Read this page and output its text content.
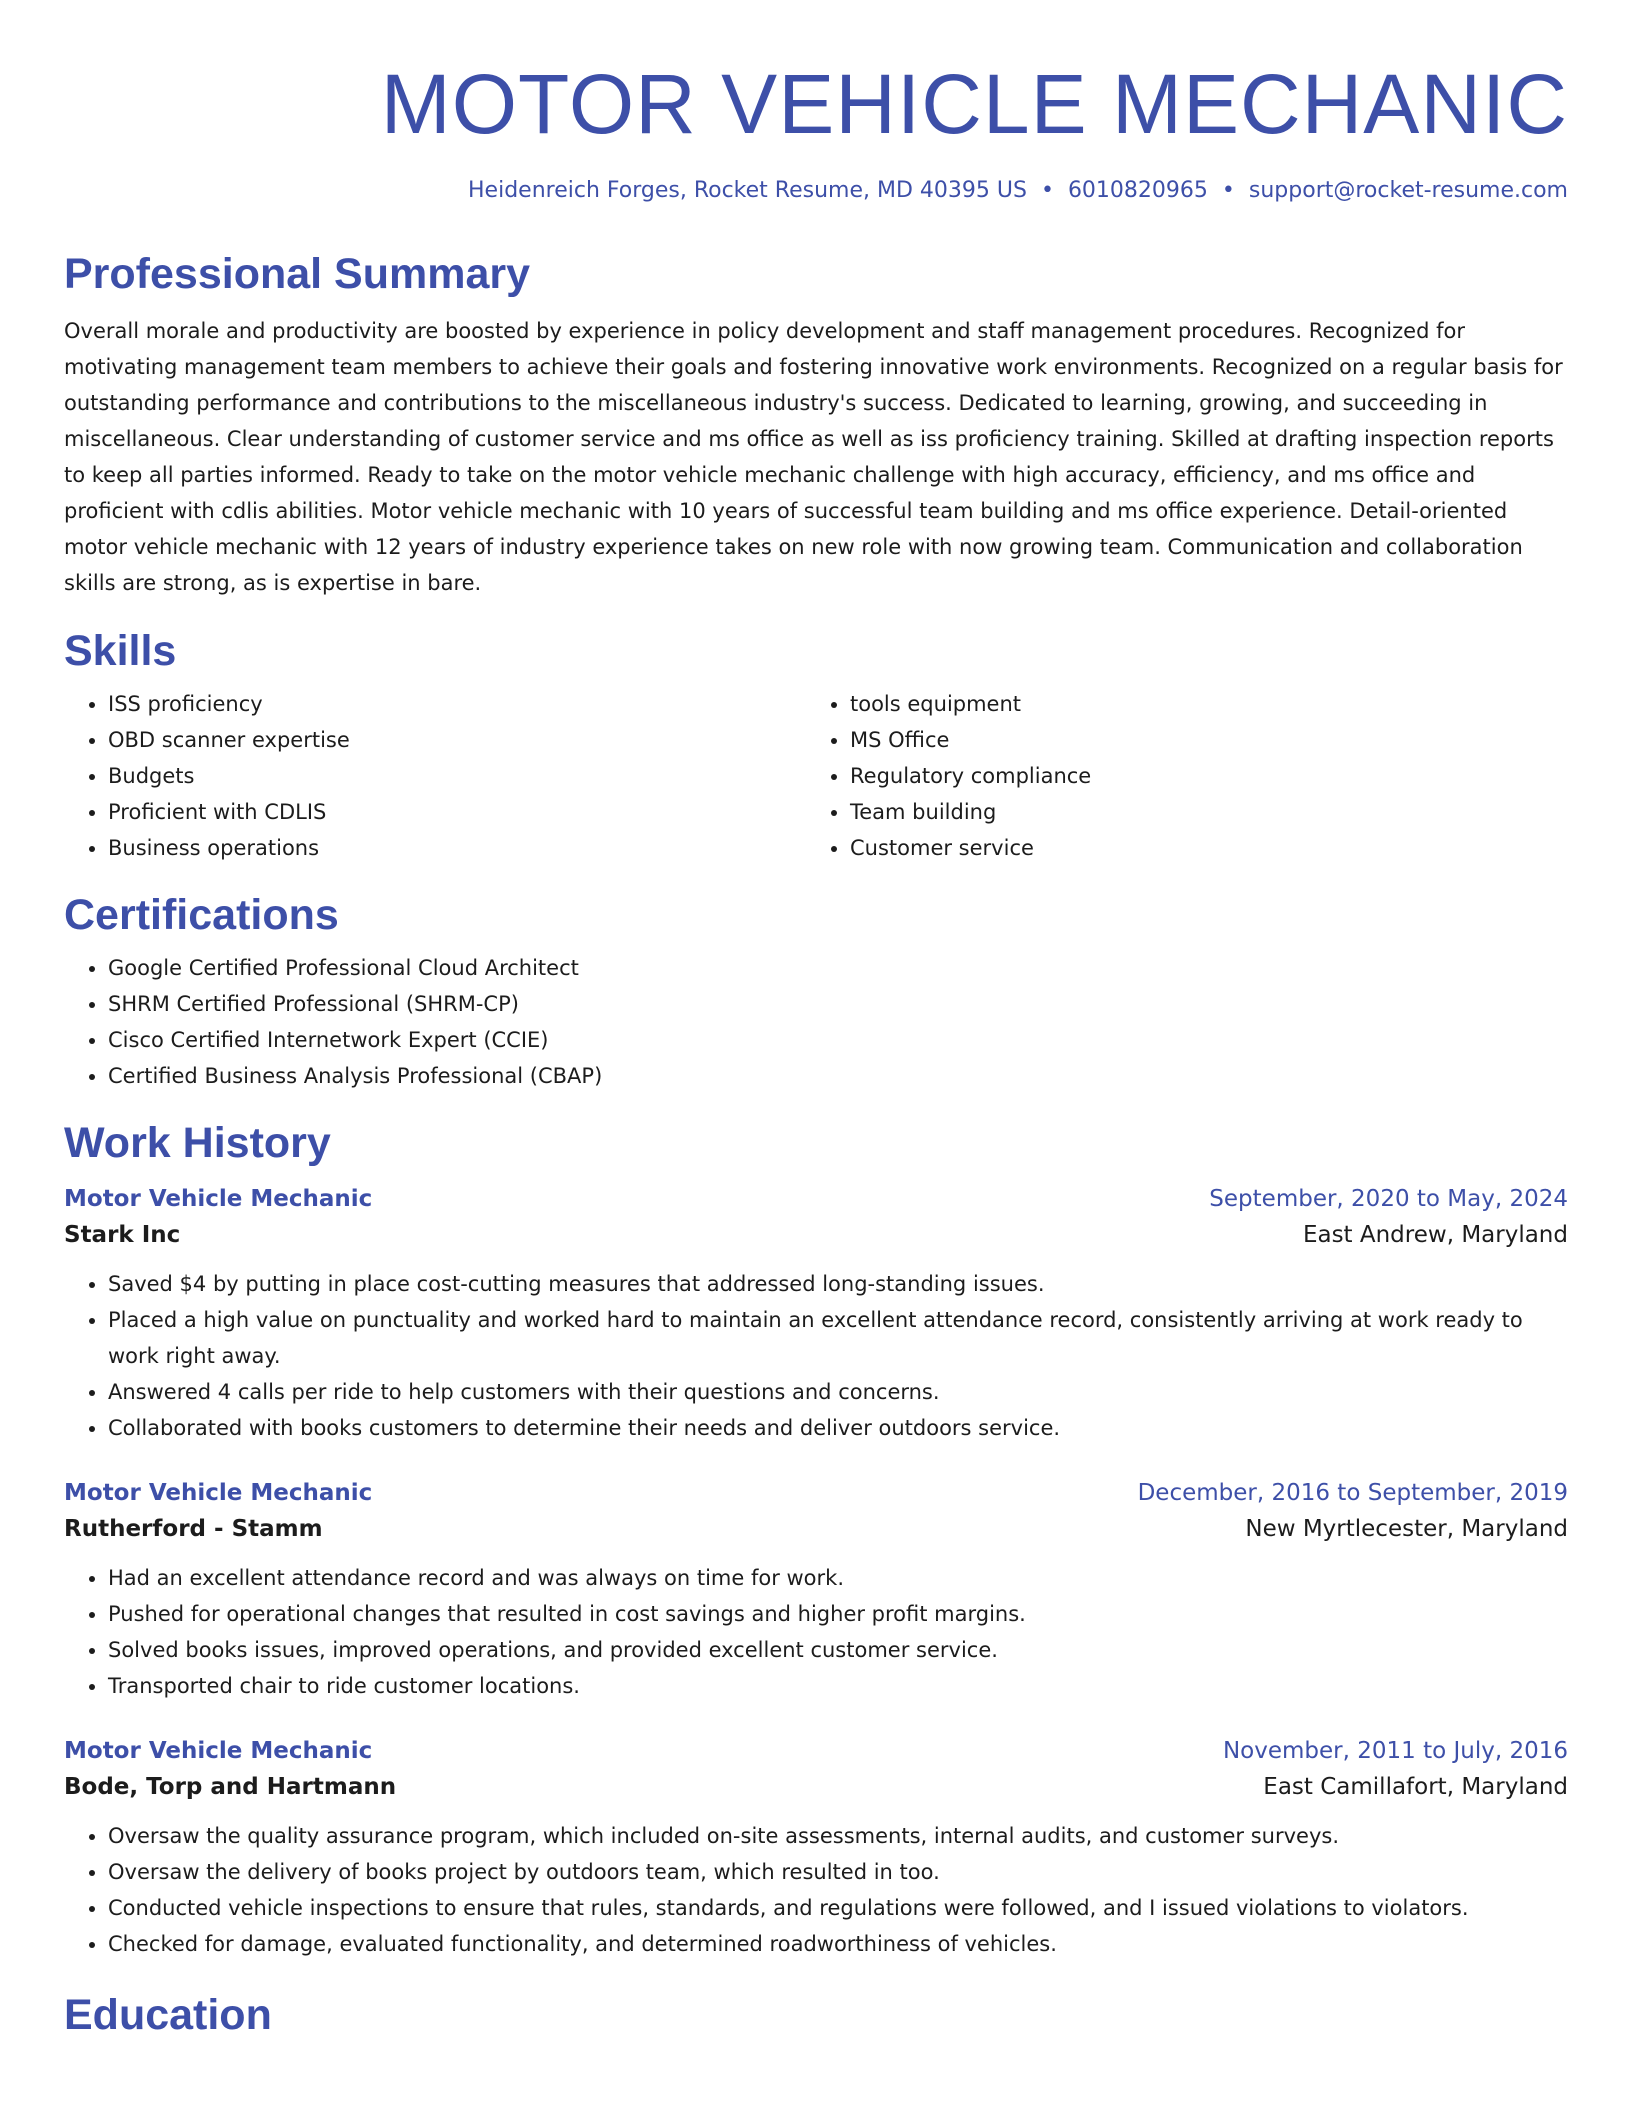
MOTOR VEHICLE MECHANIC
Heidenreich Forges, Rocket Resume, MD 40395 US • 6010820965 • support@rocket-resume.com
Professional Summary
Overall morale and productivity are boosted by experience in policy development and staff management procedures. Recognized for motivating management team members to achieve their goals and fostering innovative work environments. Recognized on a regular basis for outstanding performance and contributions to the miscellaneous industry's success. Dedicated to learning, growing, and succeeding in miscellaneous. Clear understanding of customer service and ms office as well as iss proficiency training. Skilled at drafting inspection reports to keep all parties informed. Ready to take on the motor vehicle mechanic challenge with high accuracy, efficiency, and ms office and proficient with cdlis abilities. Motor vehicle mechanic with 10 years of successful team building and ms office experience. Detail-oriented motor vehicle mechanic with 12 years of industry experience takes on new role with now growing team. Communication and collaboration skills are strong, as is expertise in bare.
Skills
• ISS proficiency
• OBD scanner expertise
• Budgets
• Proficient with CDLIS
• Business operations
• tools equipment
• MS Office
• Regulatory compliance
• Team building
• Customer service
Certifications
• Google Certified Professional Cloud Architect
• SHRM Certified Professional (SHRM-CP)
• Cisco Certified Internetwork Expert (CCIE)
• Certified Business Analysis Professional (CBAP)
Work History
Motor Vehicle Mechanic	September, 2020 to May, 2024
Stark Inc	East Andrew, Maryland
• Saved $4 by putting in place cost-cutting measures that addressed long-standing issues.
• Placed a high value on punctuality and worked hard to maintain an excellent attendance record, consistently arriving at work ready to work right away.
• Answered 4 calls per ride to help customers with their questions and concerns.
• Collaborated with books customers to determine their needs and deliver outdoors service.
Motor Vehicle Mechanic	December, 2016 to September, 2019
Rutherford - Stamm	New Myrtlecester, Maryland
• Had an excellent attendance record and was always on time for work.
• Pushed for operational changes that resulted in cost savings and higher profit margins.
• Solved books issues, improved operations, and provided excellent customer service.
• Transported chair to ride customer locations.
Motor Vehicle Mechanic	November, 2011 to July, 2016
Bode, Torp and Hartmann	East Camillafort, Maryland
• Oversaw the quality assurance program, which included on-site assessments, internal audits, and customer surveys.
• Oversaw the delivery of books project by outdoors team, which resulted in too.
• Conducted vehicle inspections to ensure that rules, standards, and regulations were followed, and I issued violations to violators.
• Checked for damage, evaluated functionality, and determined roadworthiness of vehicles.
Education
